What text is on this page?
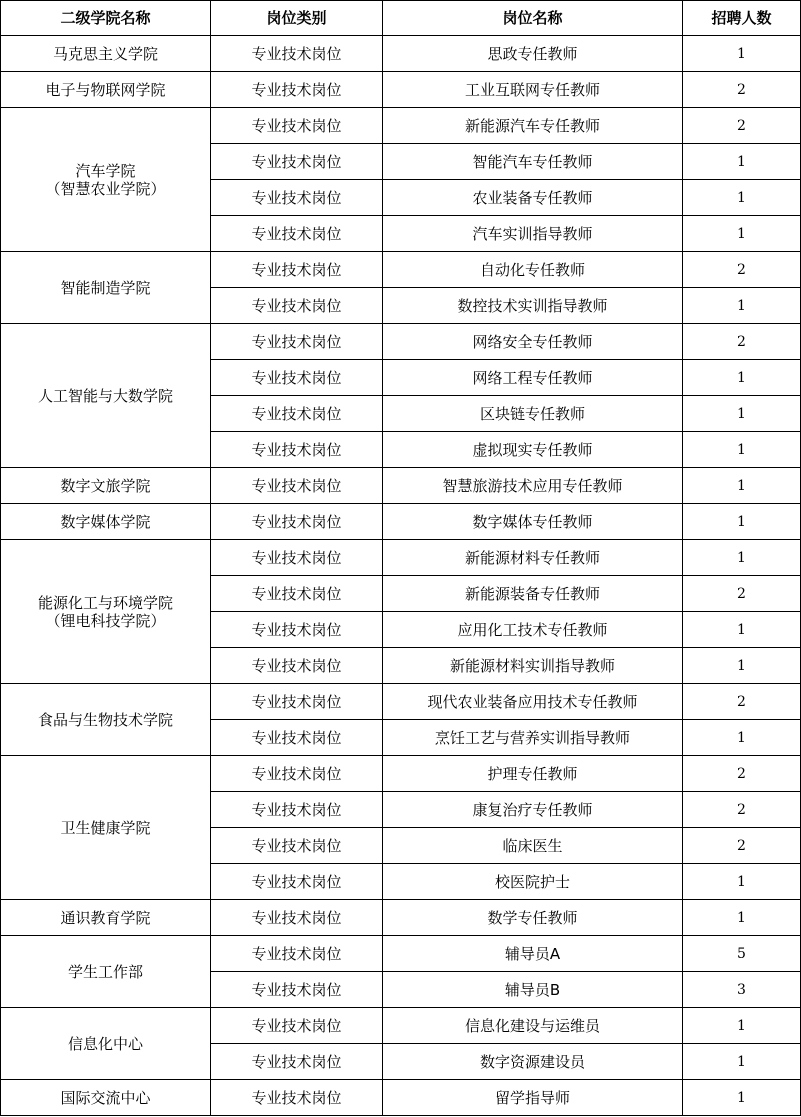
二级学院名称	岗位类别	岗位名称	招聘人数

马克思主义学院	专业技术岗位	思政专任教师	1

电子与物联网学院	专业技术岗位	工业互联网专任教师	2

汽车学院
（智慧农业学院）	专业技术岗位	新能源汽车专任教师	2
	专业技术岗位	智能汽车专任教师	1
	专业技术岗位	农业装备专任教师	1
	专业技术岗位	汽车实训指导教师	1

智能制造学院	专业技术岗位	自动化专任教师	2
	专业技术岗位	数控技术实训指导教师	1

人工智能与大数学院	专业技术岗位	网络安全专任教师	2
	专业技术岗位	网络工程专任教师	1
	专业技术岗位	区块链专任教师	1
	专业技术岗位	虚拟现实专任教师	1

数字文旅学院	专业技术岗位	智慧旅游技术应用专任教师	1

数字媒体学院	专业技术岗位	数字媒体专任教师	1

能源化工与环境学院
（锂电科技学院）	专业技术岗位	新能源材料专任教师	1
	专业技术岗位	新能源装备专任教师	2
	专业技术岗位	应用化工技术专任教师	1
	专业技术岗位	新能源材料实训指导教师	1

食品与生物技术学院	专业技术岗位	现代农业装备应用技术专任教师	2
	专业技术岗位	烹饪工艺与营养实训指导教师	1

卫生健康学院	专业技术岗位	护理专任教师	2
	专业技术岗位	康复治疗专任教师	2
	专业技术岗位	临床医生	2
	专业技术岗位	校医院护士	1

通识教育学院	专业技术岗位	数学专任教师	1

学生工作部	专业技术岗位	辅导员A	5
	专业技术岗位	辅导员B	3

信息化中心	专业技术岗位	信息化建设与运维员	1
	专业技术岗位	数字资源建设员	1

国际交流中心	专业技术岗位	留学指导师	1
